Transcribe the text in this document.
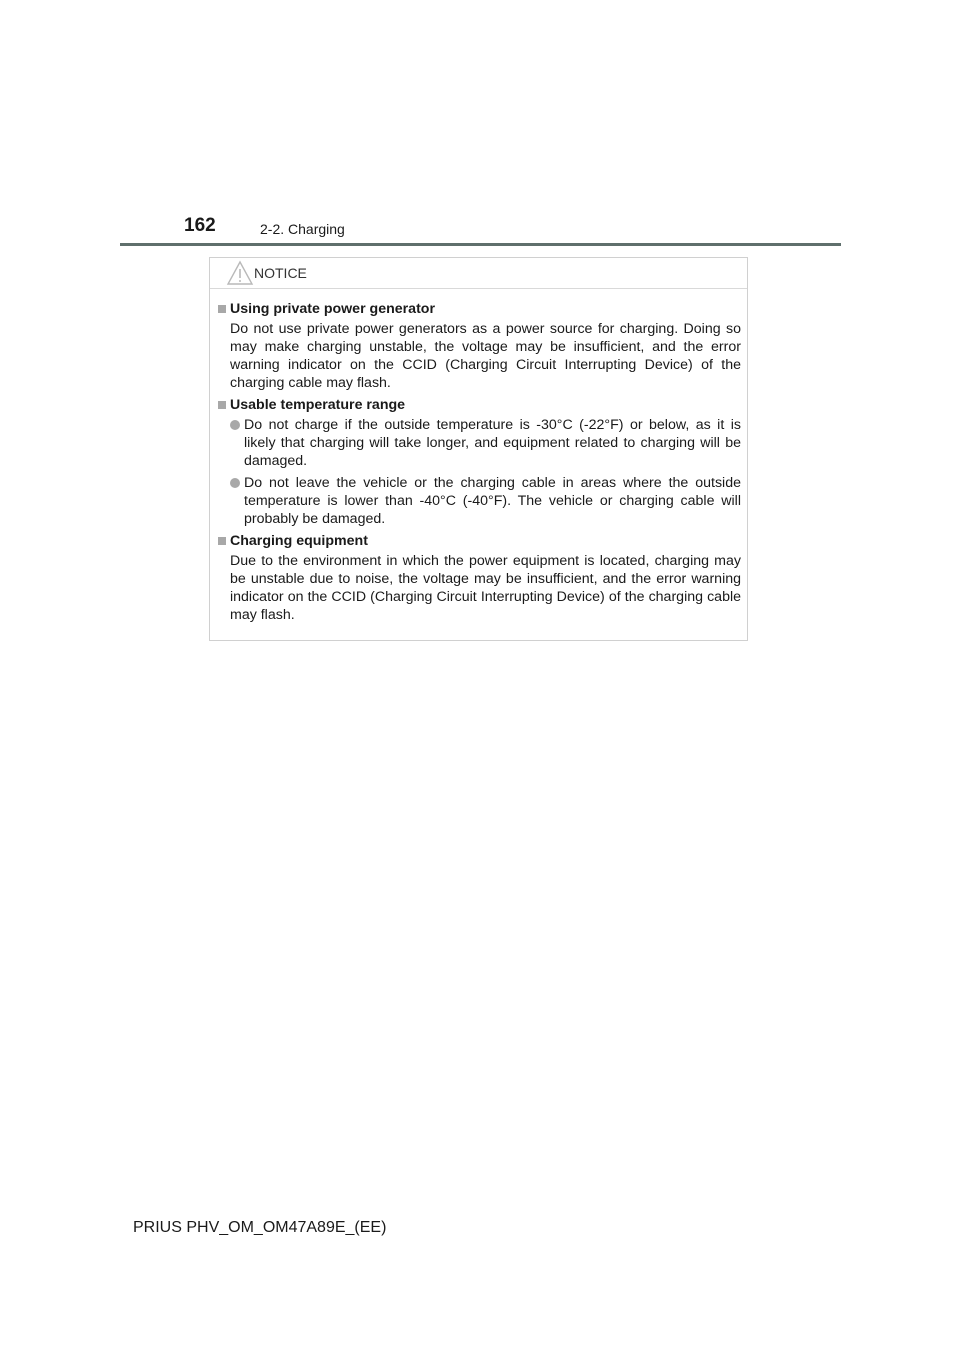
162	2-2. Charging
NOTICE
Using private power generator
Do not use private power generators as a power source for charging. Doing so may make charging unstable, the voltage may be insufficient, and the error warning indicator on the CCID (Charging Circuit Interrupting Device) of the charging cable may flash.
Usable temperature range
Do not charge if the outside temperature is -30°C (-22°F) or below, as it is likely that charging will take longer, and equipment related to charging will be damaged.
Do not leave the vehicle or the charging cable in areas where the outside temperature is lower than -40°C (-40°F). The vehicle or charging cable will probably be damaged.
Charging equipment
Due to the environment in which the power equipment is located, charging may be unstable due to noise, the voltage may be insufficient, and the error warning indicator on the CCID (Charging Circuit Interrupting Device) of the charging cable may flash.
PRIUS PHV_OM_OM47A89E_(EE)
